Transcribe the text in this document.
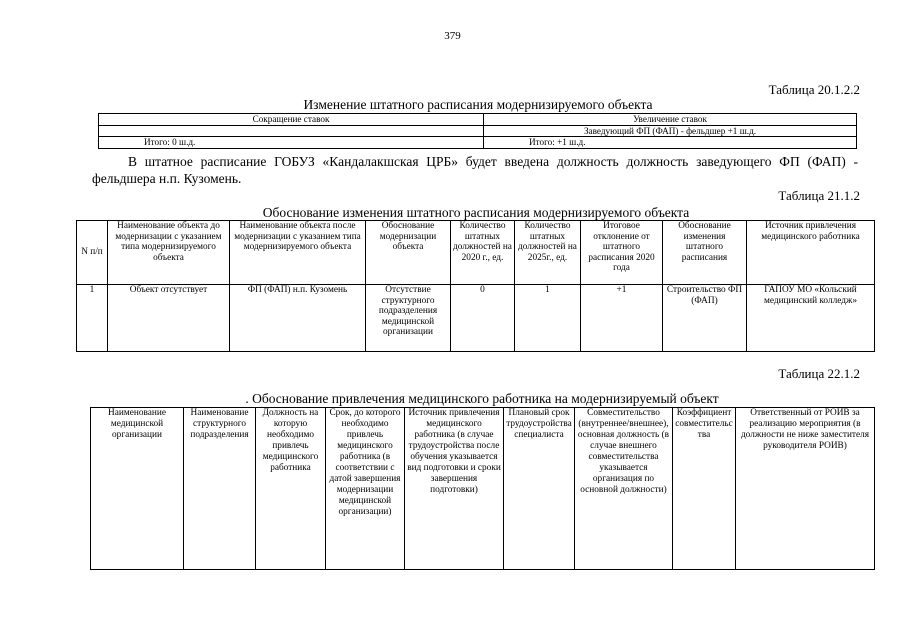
379
Таблица 20.1.2.2
Изменение штатного расписания модернизируемого объекта
Сокращение ставок	Увеличение ставок
	Заведующий ФП (ФАП) - фельдшер +1 ш.д.
Итого: 0 ш.д.	Итого: +1 ш.д.
В штатное расписание ГОБУЗ «Кандалакшская ЦРБ» будет введена должность должность заведующего ФП (ФАП) - фельдшера н.п. Кузомень.
Таблица 21.1.2
Обоснование изменения штатного расписания модернизируемого объекта
N п/п	Наименование объекта до модернизации с указанием типа модернизируемого объекта	Наименование объекта после модернизации с указанием типа модернизируемого объекта	Обоснование модернизации объекта	Количество штатных должностей на 2020 г., ед.	Количество штатных должностей на 2025г., ед.	Итоговое отклонение от штатного расписания 2020 года	Обоснование изменения штатного расписания	Источник привлечения медицинского работника
1	Объект отсутствует	ФП (ФАП) н.п. Кузомень	Отсутствие структурного подразделения медицинской организации	0	1	+1	Строительство ФП (ФАП)	ГАПОУ МО «Кольский медицинский колледж»
Таблица 22.1.2
. Обоснование привлечения медицинского работника на модернизируемый объект
Наименование медицинской организации	Наименование структурного подразделения	Должность на которую необходимо привлечь медицинского работника	Срок, до которого необходимо привлечь медицинского работника (в соответствии с датой завершения модернизации медицинской организации)	Источник привлечения медицинского работника (в случае трудоустройства после обучения указывается вид подготовки и сроки завершения подготовки)	Плановый срок трудоустройства специалиста	Совместительство (внутреннее/внешнее), основная должность (в случае внешнего совместительства указывается организация по основной должности)	Коэффициент совместительства	Ответственный от РОИВ за реализацию мероприятия (в должности не ниже заместителя руководителя РОИВ)
